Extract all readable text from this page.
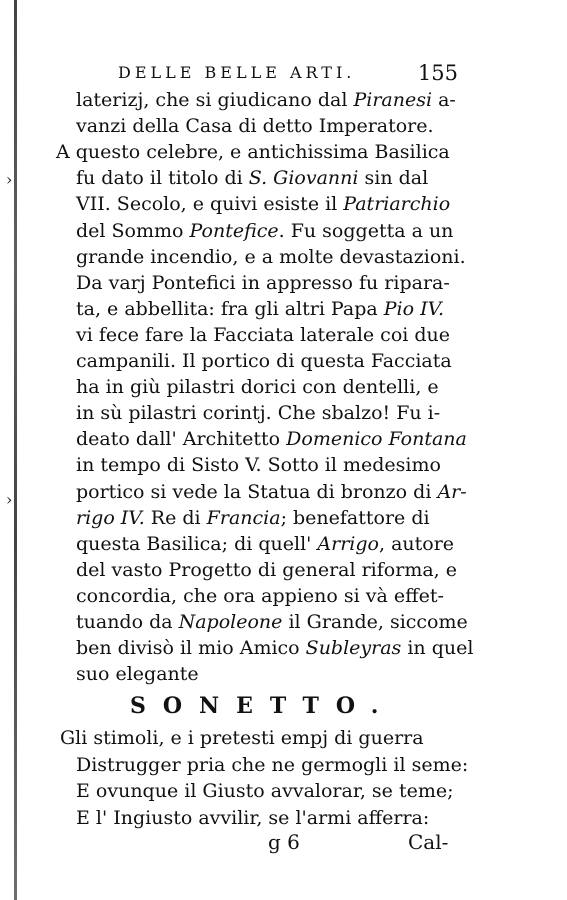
›
›
DELLE BELLE ARTI.	155
laterizj, che si giudicano dal Piranesi a-
vanzi della Casa di detto Imperatore.
A questo celebre, e antichissima Basilica
fu dato il titolo di S. Giovanni sin dal
VII. Secolo, e quivi esiste il Patriarchio
del Sommo Pontefice. Fu soggetta a un
grande incendio, e a molte devastazioni.
Da varj Pontefici in appresso fu ripara-
ta, e abbellita: fra gli altri Papa Pio IV.
vi fece fare la Facciata laterale coi due
campanili. Il portico di questa Facciata
ha in giù pilastri dorici con dentelli, e
in sù pilastri corintj. Che sbalzo! Fu i-
deato dall' Architetto Domenico Fontana
in tempo di Sisto V. Sotto il medesimo
portico si vede la Statua di bronzo di Ar-
rigo IV. Re di Francia; benefattore di
questa Basilica; di quell' Arrigo, autore
del vasto Progetto di general riforma, e
concordia, che ora appieno si và effet-
tuando da Napoleone il Grande, siccome
ben divisò il mio Amico Subleyras in quel
suo elegante
SONETTO.
Gli stimoli, e i pretesti empj di guerra
Distrugger pria che ne germogli il seme:
E ovunque il Giusto avvalorar, se teme;
E l' Ingiusto avvilir, se l'armi afferra:
g 6	Cal-
